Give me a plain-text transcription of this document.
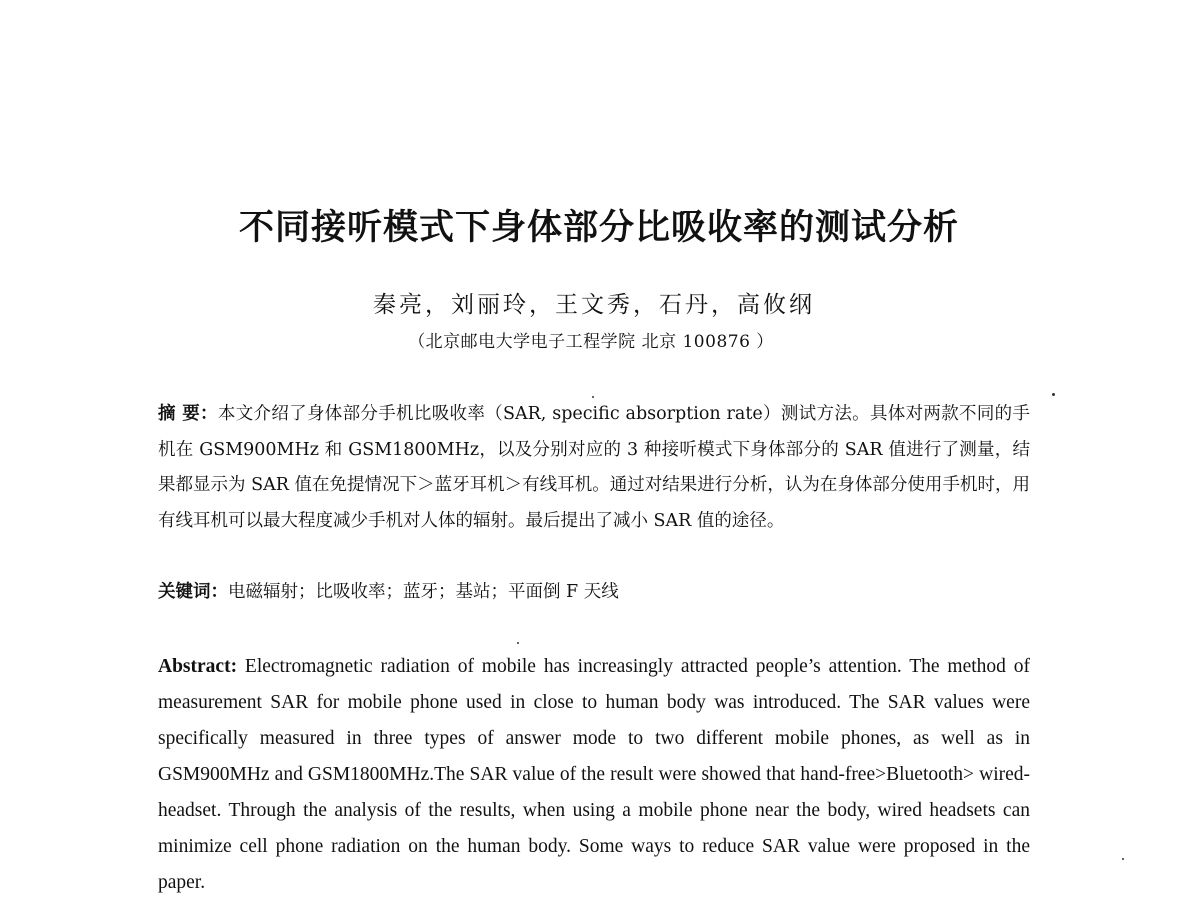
不同接听模式下身体部分比吸收率的测试分析

秦亮，刘丽玲，王文秀，石丹，高攸纲

（北京邮电大学电子工程学院 北京 100876 ）

摘 要：本文介绍了身体部分手机比吸收率（SAR, specific absorption rate）测试方法。具体对两款不同的手机在 GSM900MHz 和 GSM1800MHz，以及分别对应的 3 种接听模式下身体部分的 SAR 值进行了测量，结果都显示为 SAR 值在免提情况下＞蓝牙耳机＞有线耳机。通过对结果进行分析，认为在身体部分使用手机时，用有线耳机可以最大程度减少手机对人体的辐射。最后提出了减小 SAR 值的途径。

关键词：电磁辐射；比吸收率；蓝牙；基站；平面倒 F 天线

Abstract: Electromagnetic radiation of mobile has increasingly attracted people’s attention. The method of measurement SAR for mobile phone used in close to human body was introduced. The SAR values were specifically measured in three types of answer mode to two different mobile phones, as well as in GSM900MHz and GSM1800MHz.The SAR value of the result were showed that hand-free>Bluetooth> wired-headset. Through the analysis of the results, when using a mobile phone near the body, wired headsets can minimize cell phone radiation on the human body. Some ways to reduce SAR value were proposed in the paper.
